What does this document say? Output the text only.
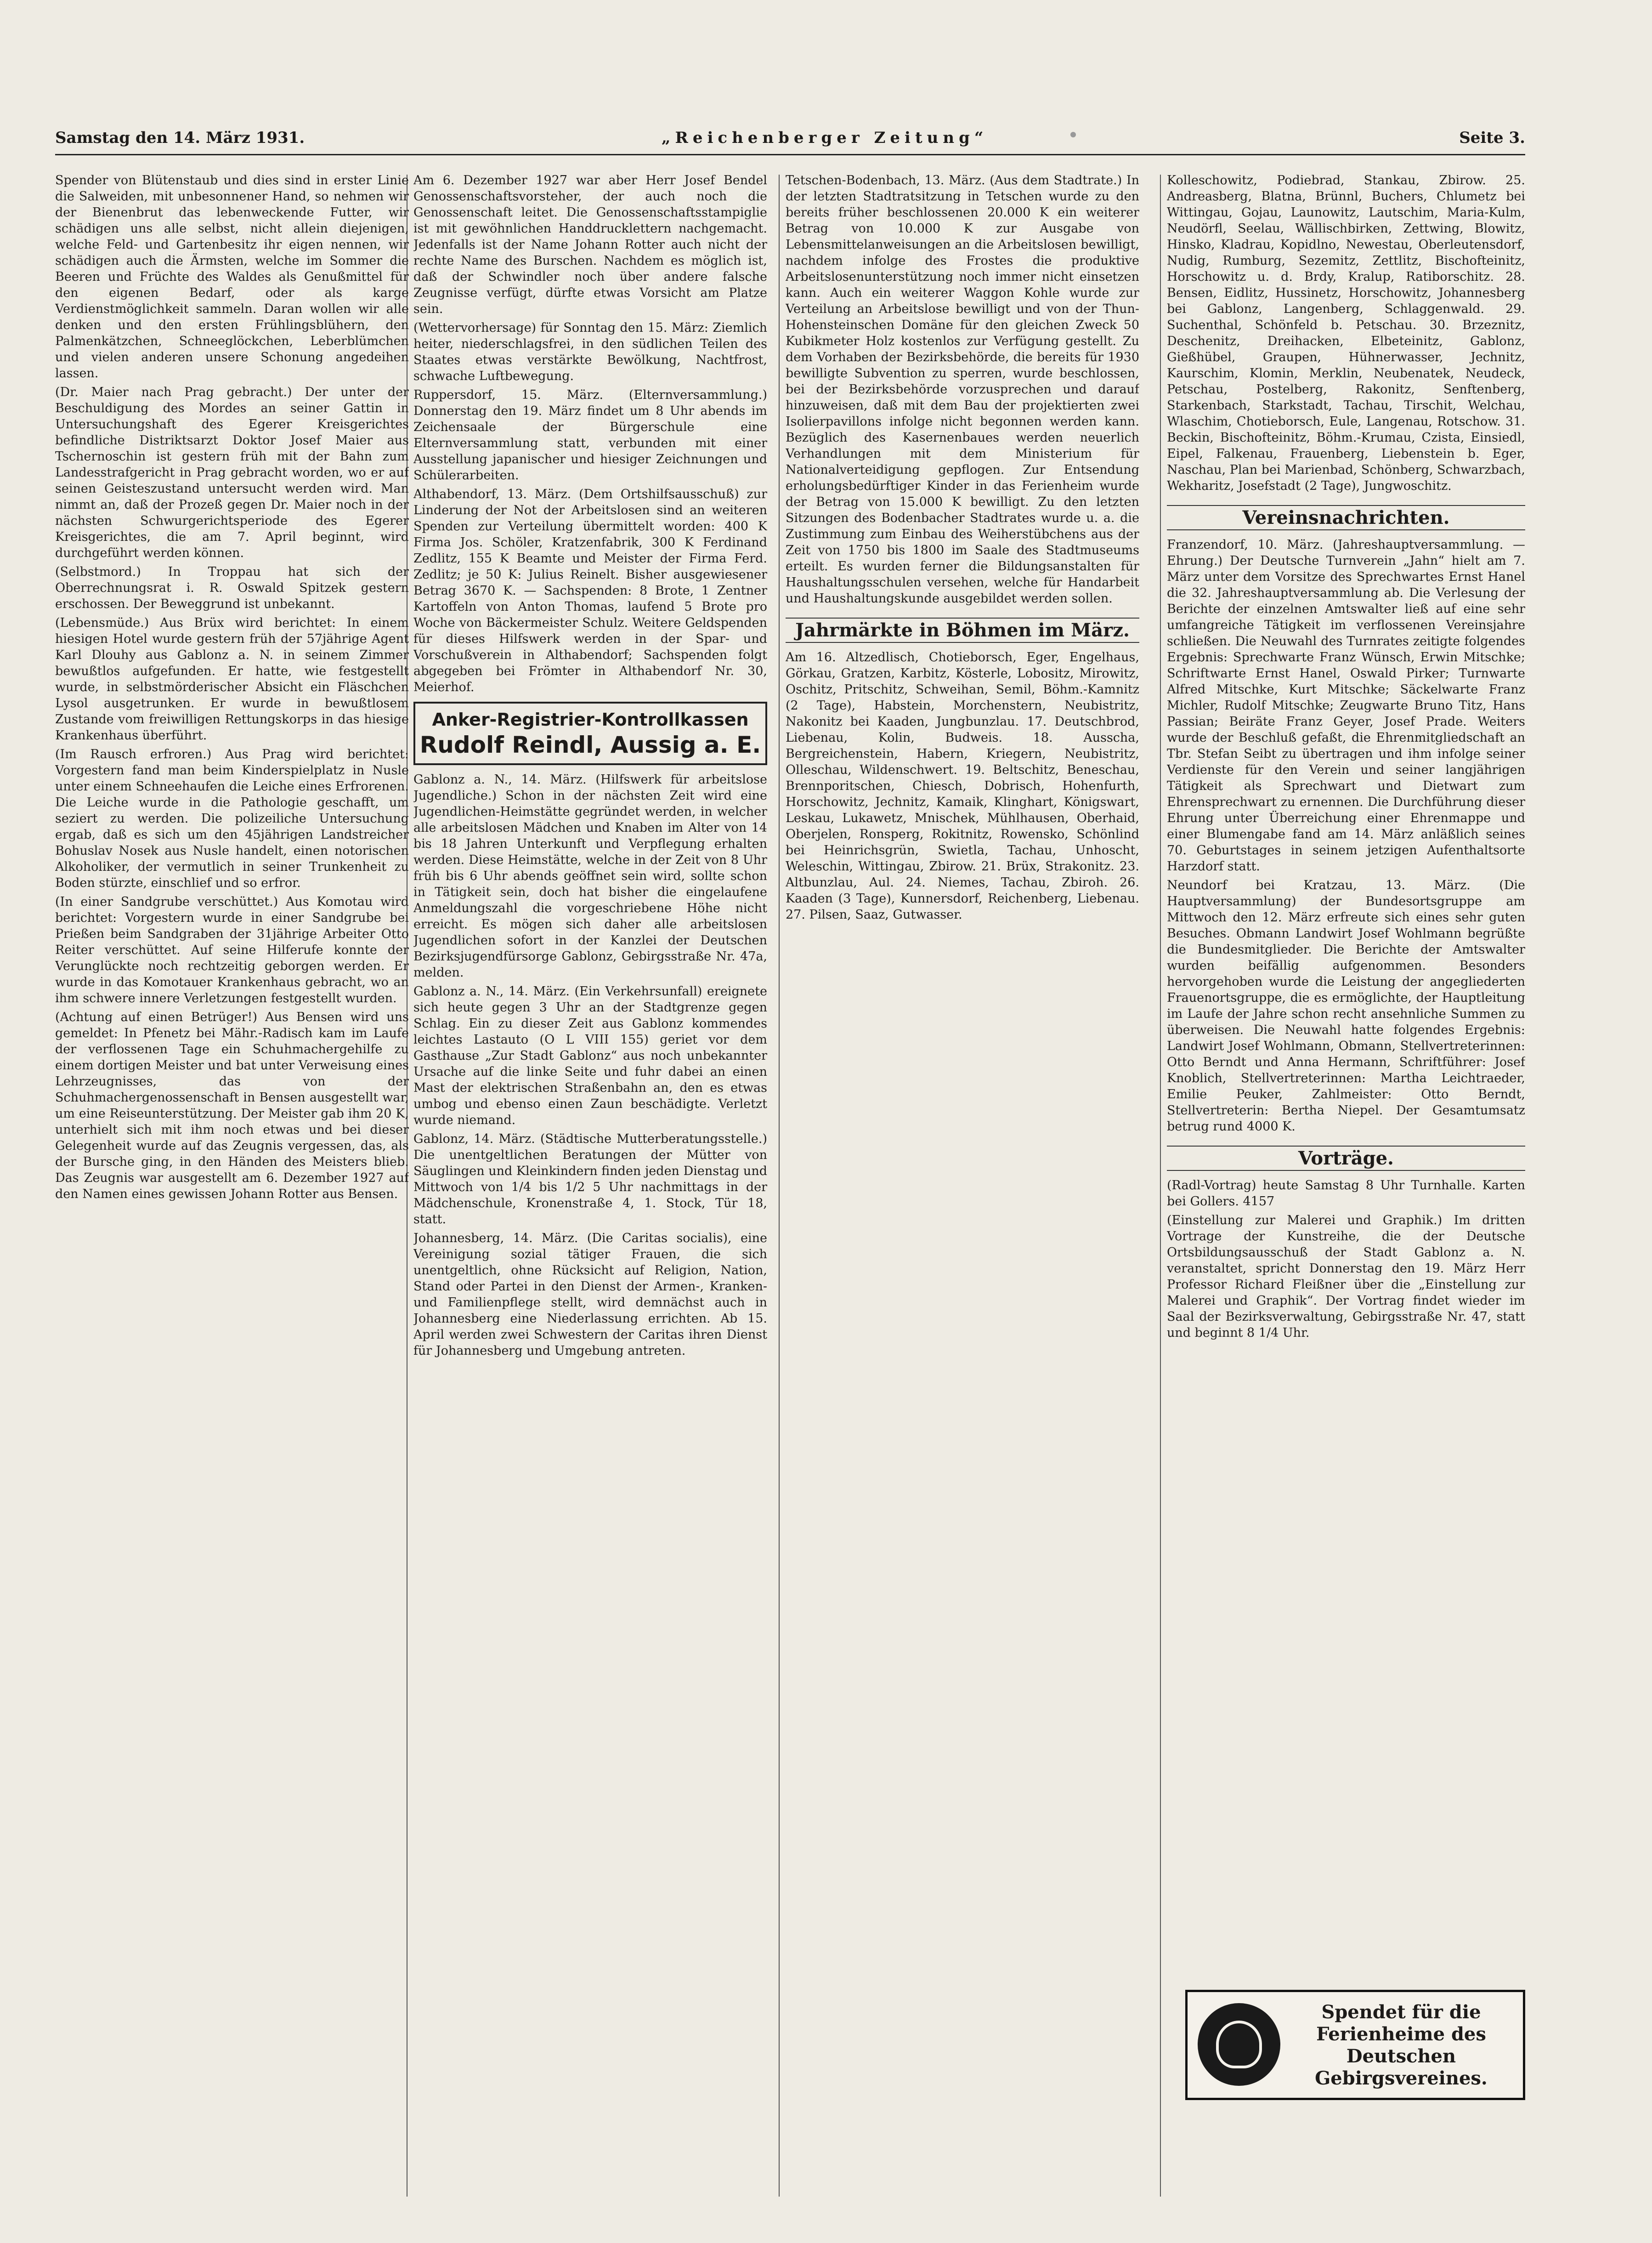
Samstag den 14. März 1931.	„Reichenberger Zeitung“	Seite 3.

Spender von Blütenstaub und dies sind in erster Linie die Salweiden, mit unbesonnener Hand, so nehmen wir der Bienenbrut das lebenweckende Futter, wir schädigen uns alle selbst, nicht allein diejenigen, welche Feld- und Gartenbesitz ihr eigen nennen, wir schädigen auch die Ärmsten, welche im Sommer die Beeren und Früchte des Waldes als Genußmittel für den eigenen Bedarf, oder als karge Verdienstmöglichkeit sammeln. Daran wollen wir alle denken und den ersten Frühlingsblühern, den Palmenkätzchen, Schneeglöckchen, Leberblümchen und vielen anderen unsere Schonung angedeihen lassen.

(Dr. Maier nach Prag gebracht.) Der unter der Beschuldigung des Mordes an seiner Gattin in Untersuchungshaft des Egerer Kreisgerichtes befindliche Distriktsarzt Doktor Josef Maier aus Tschernoschin ist gestern früh mit der Bahn zum Landesstrafgericht in Prag gebracht worden, wo er auf seinen Geisteszustand untersucht werden wird. Man nimmt an, daß der Prozeß gegen Dr. Maier noch in der nächsten Schwurgerichtsperiode des Egerer Kreisgerichtes, die am 7. April beginnt, wird durchgeführt werden können.

(Selbstmord.) In Troppau hat sich der Oberrechnungsrat i. R. Oswald Spitzek gestern erschossen. Der Beweggrund ist unbekannt.

(Lebensmüde.) Aus Brüx wird berichtet: In einem hiesigen Hotel wurde gestern früh der 57jährige Agent Karl Dlouhy aus Gablonz a. N. in seinem Zimmer bewußtlos aufgefunden. Er hatte, wie festgestellt wurde, in selbstmörderischer Absicht ein Fläschchen Lysol ausgetrunken. Er wurde in bewußtlosem Zustande vom freiwilligen Rettungskorps in das hiesige Krankenhaus überführt.

(Im Rausch erfroren.) Aus Prag wird berichtet: Vorgestern fand man beim Kinderspielplatz in Nusle unter einem Schneehaufen die Leiche eines Erfrorenen. Die Leiche wurde in die Pathologie geschafft, um seziert zu werden. Die polizeiliche Untersuchung ergab, daß es sich um den 45jährigen Landstreicher Bohuslav Nosek aus Nusle handelt, einen notorischen Alkoholiker, der vermutlich in seiner Trunkenheit zu Boden stürzte, einschlief und so erfror.

(In einer Sandgrube verschüttet.) Aus Komotau wird berichtet: Vorgestern wurde in einer Sandgrube bei Prießen beim Sandgraben der 31jährige Arbeiter Otto Reiter verschüttet. Auf seine Hilferufe konnte der Verunglückte noch rechtzeitig geborgen werden. Er wurde in das Komotauer Krankenhaus gebracht, wo an ihm schwere innere Verletzungen festgestellt wurden.

(Achtung auf einen Betrüger!) Aus Bensen wird uns gemeldet: In Pfenetz bei Mähr.-Radisch kam im Laufe der verflossenen Tage ein Schuhmachergehilfe zu einem dortigen Meister und bat unter Verweisung eines Lehrzeugnisses, das von der Schuhmachergenossenschaft in Bensen ausgestellt war, um eine Reiseunterstützung. Der Meister gab ihm 20 K, unterhielt sich mit ihm noch etwas und bei dieser Gelegenheit wurde auf das Zeugnis vergessen, das, als der Bursche ging, in den Händen des Meisters blieb. Das Zeugnis war ausgestellt am 6. Dezember 1927 auf den Namen eines gewissen Johann Rotter aus Bensen.

Am 6. Dezember 1927 war aber Herr Josef Bendel Genossenschaftsvorsteher, der auch noch die Genossenschaft leitet. Die Genossenschaftsstampiglie ist mit gewöhnlichen Handdrucklettern nachgemacht. Jedenfalls ist der Name Johann Rotter auch nicht der rechte Name des Burschen. Nachdem es möglich ist, daß der Schwindler noch über andere falsche Zeugnisse verfügt, dürfte etwas Vorsicht am Platze sein.

(Wettervorhersage) für Sonntag den 15. März: Ziemlich heiter, niederschlagsfrei, in den südlichen Teilen des Staates etwas verstärkte Bewölkung, Nachtfrost, schwache Luftbewegung.

Ruppersdorf, 15. März. (Elternversammlung.) Donnerstag den 19. März findet um 8 Uhr abends im Zeichensaale der Bürgerschule eine Elternversammlung statt, verbunden mit einer Ausstellung japanischer und hiesiger Zeichnungen und Schülerarbeiten.

Althabendorf, 13. März. (Dem Ortshilfsausschuß) zur Linderung der Not der Arbeitslosen sind an weiteren Spenden zur Verteilung übermittelt worden: 400 K Firma Jos. Schöler, Kratzenfabrik, 300 K Ferdinand Zedlitz, 155 K Beamte und Meister der Firma Ferd. Zedlitz; je 50 K: Julius Reinelt. Bisher ausgewiesener Betrag 3670 K. — Sachspenden: 8 Brote, 1 Zentner Kartoffeln von Anton Thomas, laufend 5 Brote pro Woche von Bäckermeister Schulz. Weitere Geldspenden für dieses Hilfswerk werden in der Spar- und Vorschußverein in Althabendorf; Sachspenden folgt abgegeben bei Frömter in Althabendorf Nr. 30, Meierhof.

Anker-Registrier-Kontrollkassen
Rudolf Reindl, Aussig a. E.

Gablonz a. N., 14. März. (Hilfswerk für arbeitslose Jugendliche.) Schon in der nächsten Zeit wird eine Jugendlichen-Heimstätte gegründet werden, in welcher alle arbeitslosen Mädchen und Knaben im Alter von 14 bis 18 Jahren Unterkunft und Verpflegung erhalten werden. Diese Heimstätte, welche in der Zeit von 8 Uhr früh bis 6 Uhr abends geöffnet sein wird, sollte schon in Tätigkeit sein, doch hat bisher die eingelaufene Anmeldungszahl die vorgeschriebene Höhe nicht erreicht. Es mögen sich daher alle arbeitslosen Jugendlichen sofort in der Kanzlei der Deutschen Bezirksjugendfürsorge Gablonz, Gebirgsstraße Nr. 47a, melden.

Gablonz a. N., 14. März. (Ein Verkehrsunfall) ereignete sich heute gegen 3 Uhr an der Stadtgrenze gegen Schlag. Ein zu dieser Zeit aus Gablonz kommendes leichtes Lastauto (O L VIII 155) geriet vor dem Gasthause „Zur Stadt Gablonz“ aus noch unbekannter Ursache auf die linke Seite und fuhr dabei an einen Mast der elektrischen Straßenbahn an, den es etwas umbog und ebenso einen Zaun beschädigte. Verletzt wurde niemand.

Gablonz, 14. März. (Städtische Mutterberatungsstelle.) Die unentgeltlichen Beratungen der Mütter von Säuglingen und Kleinkindern finden jeden Dienstag und Mittwoch von 1/4 bis 1/2 5 Uhr nachmittags in der Mädchenschule, Kronenstraße 4, 1. Stock, Tür 18, statt.

Johannesberg, 14. März. (Die Caritas socialis), eine Vereinigung sozial tätiger Frauen, die sich unentgeltlich, ohne Rücksicht auf Religion, Nation, Stand oder Partei in den Dienst der Armen-, Kranken- und Familienpflege stellt, wird demnächst auch in Johannesberg eine Niederlassung errichten. Ab 15. April werden zwei Schwestern der Caritas ihren Dienst für Johannesberg und Umgebung antreten.

Tetschen-Bodenbach, 13. März. (Aus dem Stadtrate.) In der letzten Stadtratsitzung in Tetschen wurde zu den bereits früher beschlossenen 20.000 K ein weiterer Betrag von 10.000 K zur Ausgabe von Lebensmittelanweisungen an die Arbeitslosen bewilligt, nachdem infolge des Frostes die produktive Arbeitslosenunterstützung noch immer nicht einsetzen kann. Auch ein weiterer Waggon Kohle wurde zur Verteilung an Arbeitslose bewilligt und von der Thun-Hohensteinschen Domäne für den gleichen Zweck 50 Kubikmeter Holz kostenlos zur Verfügung gestellt. Zu dem Vorhaben der Bezirksbehörde, die bereits für 1930 bewilligte Subvention zu sperren, wurde beschlossen, bei der Bezirksbehörde vorzusprechen und darauf hinzuweisen, daß mit dem Bau der projektierten zwei Isolierpavillons infolge nicht begonnen werden kann. Bezüglich des Kasernenbaues werden neuerlich Verhandlungen mit dem Ministerium für Nationalverteidigung gepflogen. Zur Entsendung erholungsbedürftiger Kinder in das Ferienheim wurde der Betrag von 15.000 K bewilligt. Zu den letzten Sitzungen des Bodenbacher Stadtrates wurde u. a. die Zustimmung zum Einbau des Weiherstübchens aus der Zeit von 1750 bis 1800 im Saale des Stadtmuseums erteilt. Es wurden ferner die Bildungsanstalten für Haushaltungsschulen versehen, welche für Handarbeit und Haushaltungskunde ausgebildet werden sollen.

Jahrmärkte in Böhmen im März.

Am 16. Altzedlisch, Chotieborsch, Eger, Engelhaus, Görkau, Gratzen, Karbitz, Kösterle, Lobositz, Mirowitz, Oschitz, Pritschitz, Schweihan, Semil, Böhm.-Kamnitz (2 Tage), Habstein, Morchenstern, Neubistritz, Nakonitz bei Kaaden, Jungbunzlau. 17. Deutschbrod, Liebenau, Kolin, Budweis. 18. Ausscha, Bergreichenstein, Habern, Kriegern, Neubistritz, Olleschau, Wildenschwert. 19. Beltschitz, Beneschau, Brennporitschen, Chiesch, Dobrisch, Hohenfurth, Horschowitz, Jechnitz, Kamaik, Klinghart, Königswart, Leskau, Lukawetz, Mnischek, Mühlhausen, Oberhaid, Oberjelen, Ronsperg, Rokitnitz, Rowensko, Schönlind bei Heinrichsgrün, Swietla, Tachau, Unhoscht, Weleschin, Wittingau, Zbirow. 21. Brüx, Strakonitz. 23. Altbunzlau, Aul. 24. Niemes, Tachau, Zbiroh. 26. Kaaden (3 Tage), Kunnersdorf, Reichenberg, Liebenau. 27. Pilsen, Saaz, Gutwasser.

Kolleschowitz, Podiebrad, Stankau, Zbirow. 25. Andreasberg, Blatna, Brünnl, Buchers, Chlumetz bei Wittingau, Gojau, Launowitz, Lautschim, Maria-Kulm, Neudörfl, Seelau, Wällischbirken, Zettwing, Blowitz, Hinsko, Kladrau, Kopidlno, Newestau, Oberleutensdorf, Nudig, Rumburg, Sezemitz, Zettlitz, Bischofteinitz, Horschowitz u. d. Brdy, Kralup, Ratiborschitz. 28. Bensen, Eidlitz, Hussinetz, Horschowitz, Johannesberg bei Gablonz, Langenberg, Schlaggenwald. 29. Suchenthal, Schönfeld b. Petschau. 30. Brzeznitz, Deschenitz, Dreihacken, Elbeteinitz, Gablonz, Gießhübel, Graupen, Hühnerwasser, Jechnitz, Kaurschim, Klomin, Merklin, Neubenatek, Neudeck, Petschau, Postelberg, Rakonitz, Senftenberg, Starkenbach, Starkstadt, Tachau, Tirschit, Welchau, Wlaschim, Chotieborsch, Eule, Langenau, Rotschow. 31. Beckin, Bischofteinitz, Böhm.-Krumau, Czista, Einsiedl, Eipel, Falkenau, Frauenberg, Liebenstein b. Eger, Naschau, Plan bei Marienbad, Schönberg, Schwarzbach, Wekharitz, Josefstadt (2 Tage), Jungwoschitz.

Vereinsnachrichten.

Franzendorf, 10. März. (Jahreshauptversammlung. — Ehrung.) Der Deutsche Turnverein „Jahn“ hielt am 7. März unter dem Vorsitze des Sprechwartes Ernst Hanel die 32. Jahreshauptversammlung ab. Die Verlesung der Berichte der einzelnen Amtswalter ließ auf eine sehr umfangreiche Tätigkeit im verflossenen Vereinsjahre schließen. Die Neuwahl des Turnrates zeitigte folgendes Ergebnis: Sprechwarte Franz Wünsch, Erwin Mitschke; Schriftwarte Ernst Hanel, Oswald Pirker; Turnwarte Alfred Mitschke, Kurt Mitschke; Säckelwarte Franz Michler, Rudolf Mitschke; Zeugwarte Bruno Titz, Hans Passian; Beiräte Franz Geyer, Josef Prade. Weiters wurde der Beschluß gefaßt, die Ehrenmitgliedschaft an Tbr. Stefan Seibt zu übertragen und ihm infolge seiner Verdienste für den Verein und seiner langjährigen Tätigkeit als Sprechwart und Dietwart zum Ehrensprechwart zu ernennen. Die Durchführung dieser Ehrung unter Überreichung einer Ehrenmappe und einer Blumengabe fand am 14. März anläßlich seines 70. Geburtstages in seinem jetzigen Aufenthaltsorte Harzdorf statt.

Neundorf bei Kratzau, 13. März. (Die Hauptversammlung) der Bundesortsgruppe am Mittwoch den 12. März erfreute sich eines sehr guten Besuches. Obmann Landwirt Josef Wohlmann begrüßte die Bundesmitglieder. Die Berichte der Amtswalter wurden beifällig aufgenommen. Besonders hervorgehoben wurde die Leistung der angegliederten Frauenortsgruppe, die es ermöglichte, der Hauptleitung im Laufe der Jahre schon recht ansehnliche Summen zu überweisen. Die Neuwahl hatte folgendes Ergebnis: Landwirt Josef Wohlmann, Obmann, Stellvertreterinnen: Otto Berndt und Anna Hermann, Schriftführer: Josef Knoblich, Stellvertreterinnen: Martha Leichtraeder, Emilie Peuker, Zahlmeister: Otto Berndt, Stellvertreterin: Bertha Niepel. Der Gesamtumsatz betrug rund 4000 K.

Vorträge.

(Radl-Vortrag) heute Samstag 8 Uhr Turnhalle. Karten bei Gollers. 4157

(Einstellung zur Malerei und Graphik.) Im dritten Vortrage der Kunstreihe, die der Deutsche Ortsbildungsausschuß der Stadt Gablonz a. N. veranstaltet, spricht Donnerstag den 19. März Herr Professor Richard Fleißner über die „Einstellung zur Malerei und Graphik“. Der Vortrag findet wieder im Saal der Bezirksverwaltung, Gebirgsstraße Nr. 47, statt und beginnt 8 1/4 Uhr.

Spendet für die Ferienheime des Deutschen Gebirgsvereines.
